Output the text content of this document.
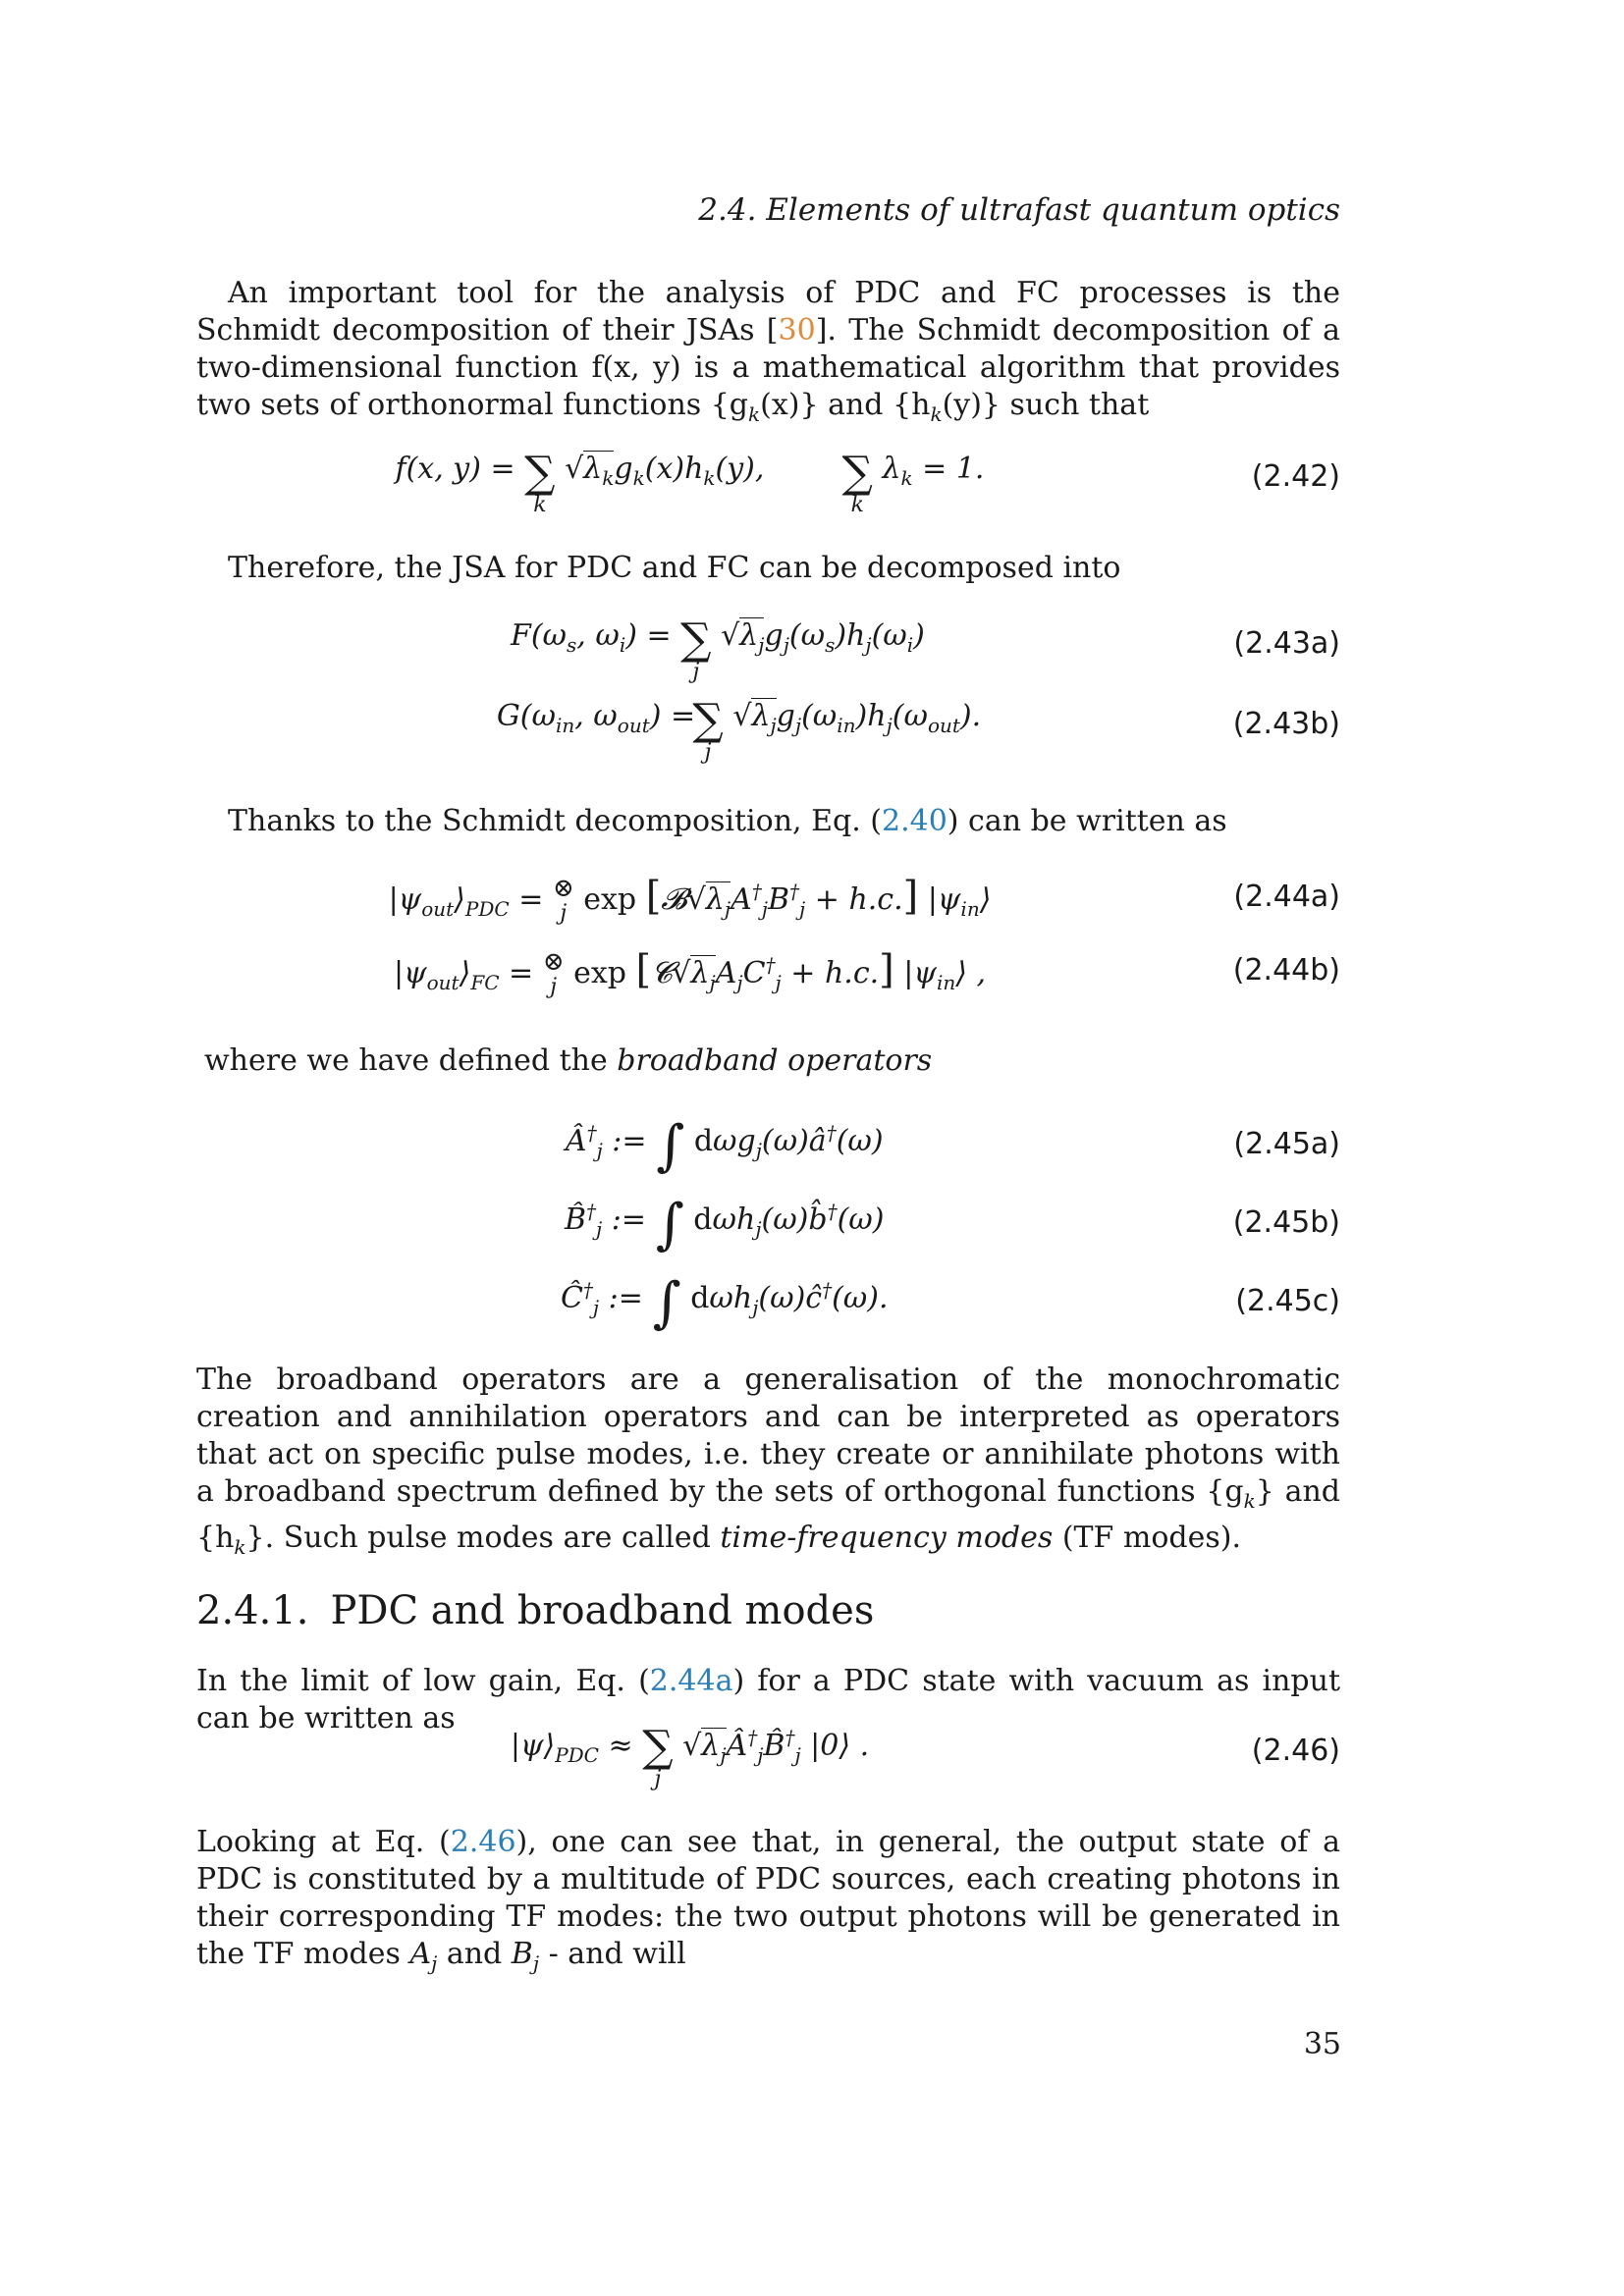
2.4. Elements of ultrafast quantum optics
An important tool for the analysis of PDC and FC processes is the Schmidt decomposition of their JSAs [30]. The Schmidt decomposition of a two-dimensional function f(x, y) is a mathematical algorithm that provides two sets of orthonormal functions $\{g_k(x)\}$ and $\{h_k(y)\}$ such that
f(x, y) = ∑
k
$√\lambda_kg_k(x)h_k(y)$, ∑
k
$\lambda_k = 1$.	(2.42)
Therefore, the JSA for PDC and FC can be decomposed into
$F(\omega_s$, $\omega_i$) = ∑
j
$√\lambda_jg_j(\omega_s)h_j(\omega_i)$	(2.43a)
$G(\omega_{in}$, $\omega_{out}$) =
∑
j
$√\lambda_jg_j(\omega_{in})h_j(\omega_{out})$.	(2.43b)
Thanks to the Schmidt decomposition, Eq. (2.40) can be written as
$|\psi_{out}⟩_{PDC}$ = ⊗
j $\exp [𝓑√\lambda_jA^\dagger_jB^\dagger_j + h.c.]$ $|\psi_{in}⟩$	(2.44a)
$|\psi_{out}⟩_{FC}$ = ⊗
j $\exp [𝓒√\lambda_jA_jC^\dagger_j + h.c.]$ $|\psi_{in}⟩$ ,	(2.44b)
where we have defined the broadband operators
$Â^\dagger_j$ := ∫ dωg$_j$(ω)â†(ω)	(2.45a)
$B̂^\dagger_j$ := ∫ dωh$_j$(ω)b̂†(ω)	(2.45b)
$Ĉ^\dagger_j$ := ∫ dωh$_j$(ω)ĉ†(ω).	(2.45c)
The broadband operators are a generalisation of the monochromatic creation and annihilation operators and can be interpreted as operators that act on specific pulse modes, i.e. they create or annihilate photons with a broadband spectrum defined by the sets of orthogonal functions $\{g_k\}$ and $\{h_k\}$. Such pulse modes are called time-frequency modes (TF modes).
2.4.1. PDC and broadband modes
In the limit of low gain, Eq. (2.44a) for a PDC state with vacuum as input can be written as
$|\psi⟩_{PDC}$ ≈ ∑
j
$√\lambda_jÂ^\dagger_jB̂^\dagger_j$ |0⟩ .	(2.46)
Looking at Eq. (2.46), one can see that, in general, the output state of a PDC is constituted by a multitude of PDC sources, each creating photons in their corresponding TF modes: the two output photons will be generated in the TF modes $A_j$ and $B_j$ - and will
35
